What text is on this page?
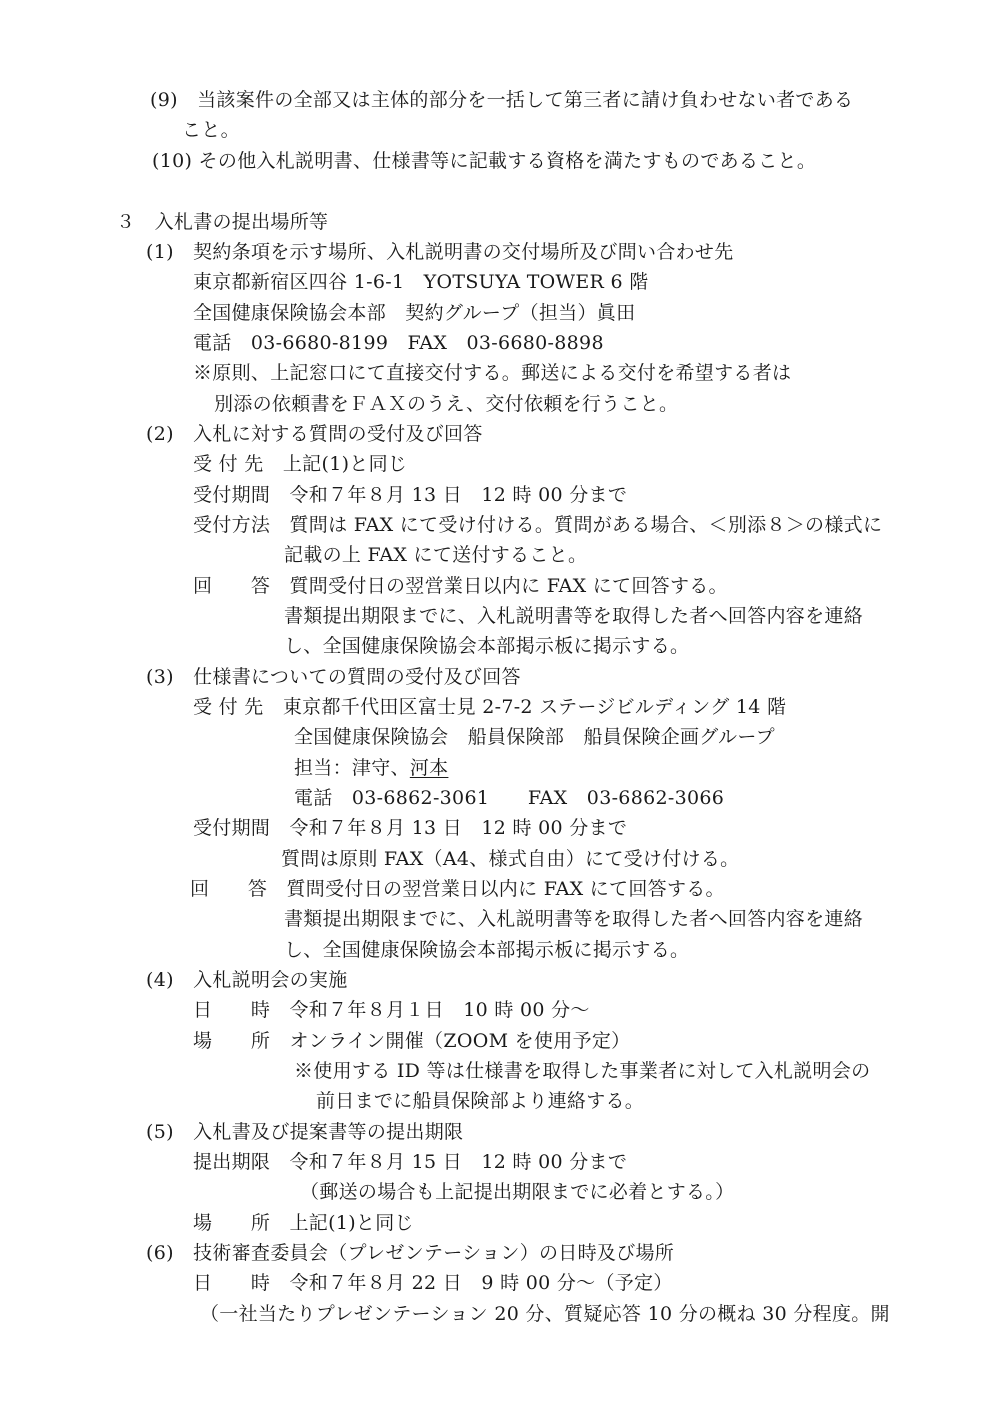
(9)　当該案件の全部又は主体的部分を一括して第三者に請け負わせない者である
こと。
(10) その他入札説明書、仕様書等に記載する資格を満たすものであること。
３　入札書の提出場所等
(1)　契約条項を示す場所、入札説明書の交付場所及び問い合わせ先
東京都新宿区四谷 1-6-1　YOTSUYA TOWER 6 階
全国健康保険協会本部　契約グループ（担当）眞田
電話　03-6680-8199　FAX　03-6680-8898
※原則、上記窓口にて直接交付する。郵送による交付を希望する者は
別添の依頼書をＦＡＸのうえ、交付依頼を行うこと。
(2)　入札に対する質問の受付及び回答
受 付 先　上記(1)と同じ
受付期間　令和７年８月 13 日　12 時 00 分まで
受付方法　質問は FAX にて受け付ける。質問がある場合、＜別添８＞の様式に
記載の上 FAX にて送付すること。
回　　答　質問受付日の翌営業日以内に FAX にて回答する。
書類提出期限までに、入札説明書等を取得した者へ回答内容を連絡
し、全国健康保険協会本部掲示板に掲示する。
(3)　仕様書についての質問の受付及び回答
受 付 先　東京都千代田区富士見 2-7-2 ステージビルディング 14 階
全国健康保険協会　船員保険部　船員保険企画グループ
担当：津守、河本
電話　03-6862-3061　　FAX　03-6862-3066
受付期間　令和７年８月 13 日　12 時 00 分まで
質問は原則 FAX（A4、様式自由）にて受け付ける。
回　　答　質問受付日の翌営業日以内に FAX にて回答する。
書類提出期限までに、入札説明書等を取得した者へ回答内容を連絡
し、全国健康保険協会本部掲示板に掲示する。
(4)　入札説明会の実施
日　　時　令和７年８月１日　10 時 00 分～
場　　所　オンライン開催（ZOOM を使用予定）
※使用する ID 等は仕様書を取得した事業者に対して入札説明会の
前日までに船員保険部より連絡する。
(5)　入札書及び提案書等の提出期限
提出期限　令和７年８月 15 日　12 時 00 分まで
（郵送の場合も上記提出期限までに必着とする。）
場　　所　上記(1)と同じ
(6)　技術審査委員会（プレゼンテーション）の日時及び場所
日　　時　令和７年８月 22 日　9 時 00 分～（予定）
（一社当たりプレゼンテーション 20 分、質疑応答 10 分の概ね 30 分程度。開
